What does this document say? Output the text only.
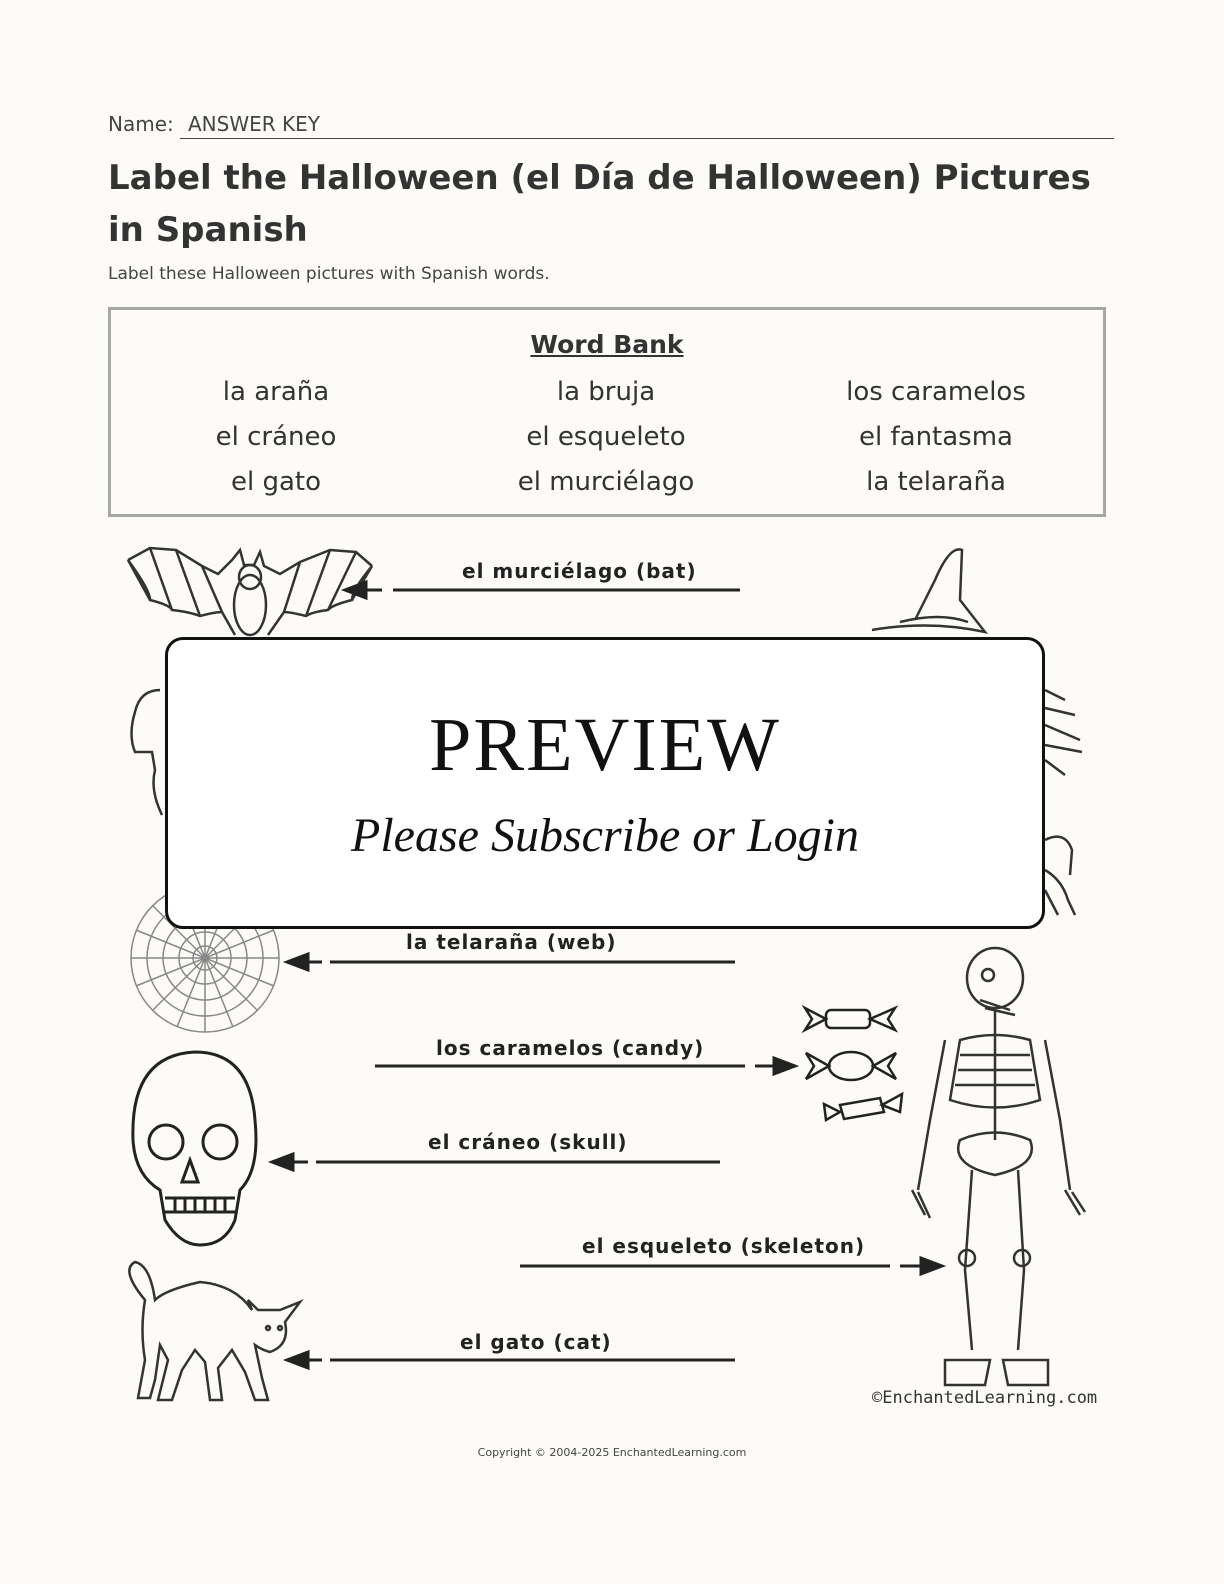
Name: ANSWER KEY
Label the Halloween (el Día de Halloween) Pictures in Spanish
Label these Halloween pictures with Spanish words.
Word Bank
la araña	la bruja	los caramelos
el cráneo	el esqueleto	el fantasma
el gato	el murciélago	la telaraña
el murciélago (bat)
la telaraña (web)
los caramelos (candy)
el cráneo (skull)
el esqueleto (skeleton)
el gato (cat)
PREVIEW
Please Subscribe or Login
©EnchantedLearning.com
Copyright © 2004-2025 EnchantedLearning.com
